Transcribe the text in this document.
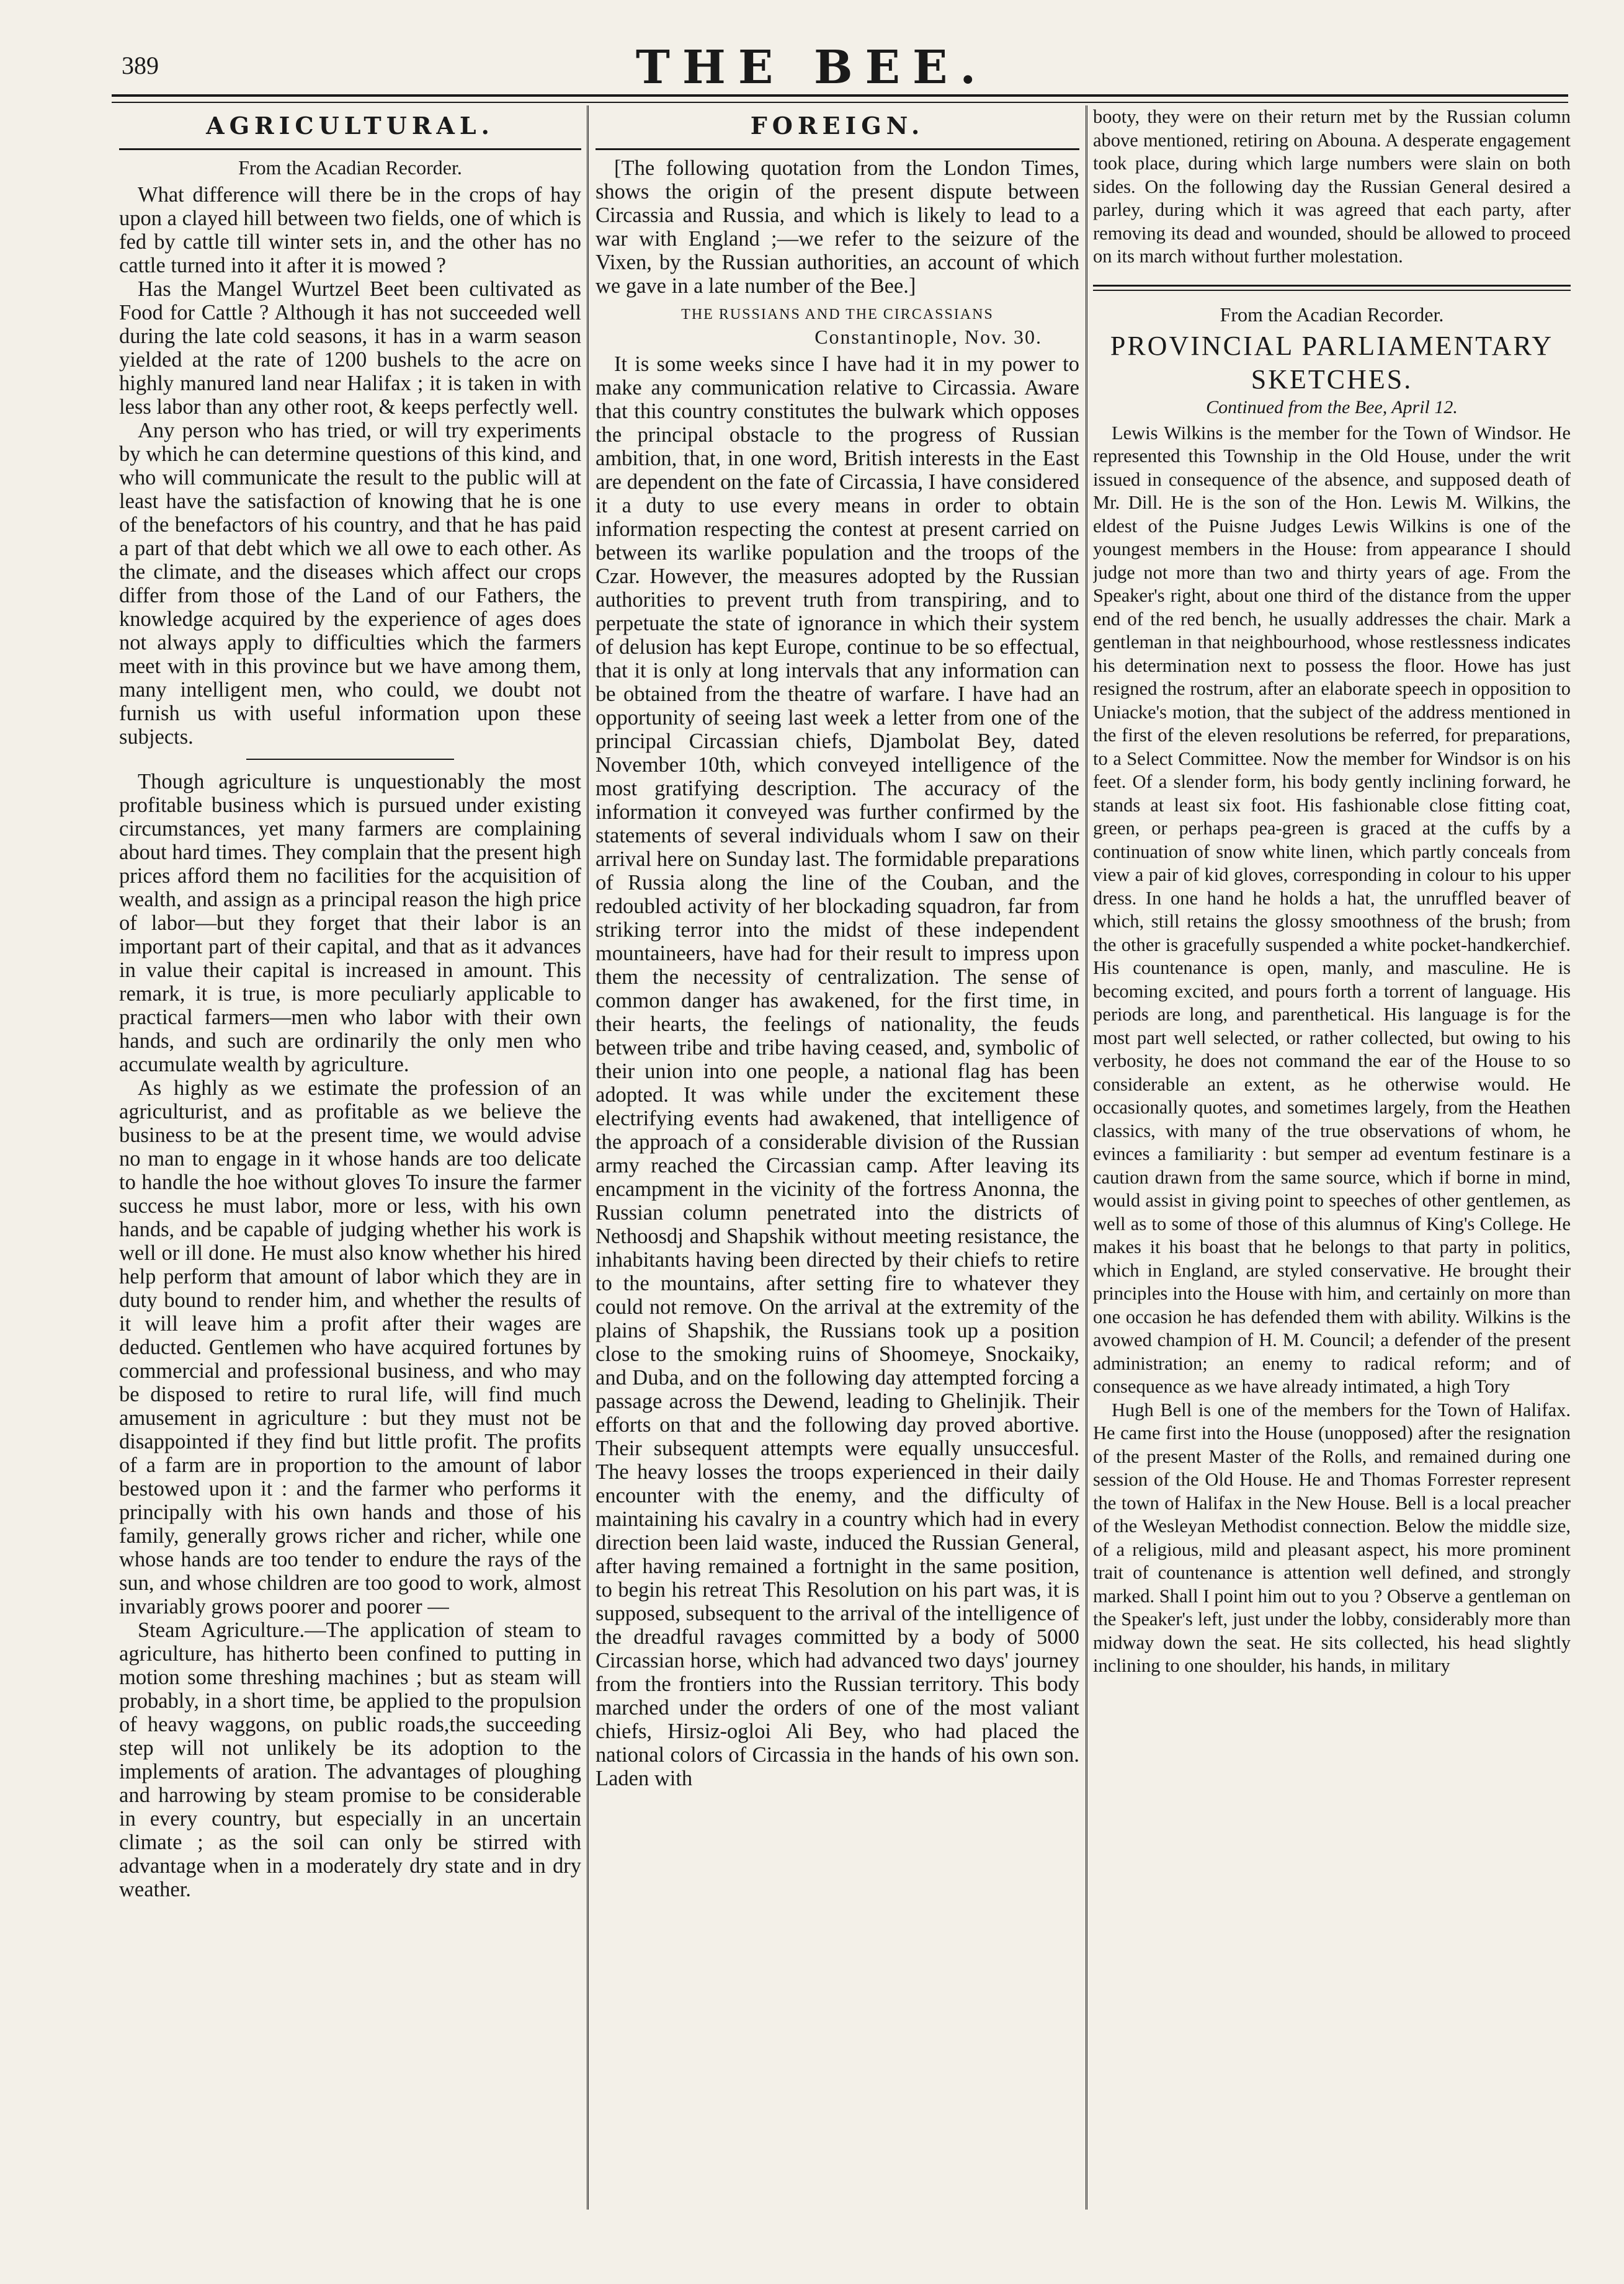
389	THE BEE.
AGRICULTURAL.
From the Acadian Recorder.

What difference will there be in the crops of hay upon a clayed hill between two fields, one of which is fed by cattle till winter sets in, and the other has no cattle turned into it after it is mowed ?

Has the Mangel Wurtzel Beet been cultivated as Food for Cattle ? Although it has not succeeded well during the late cold seasons, it has in a warm season yielded at the rate of 1200 bushels to the acre on highly manured land near Halifax ; it is taken in with less labor than any other root, & keeps perfectly well.

Any person who has tried, or will try experiments by which he can determine questions of this kind, and who will communicate the result to the public will at least have the satisfaction of knowing that he is one of the benefactors of his country, and that he has paid a part of that debt which we all owe to each other. As the climate, and the diseases which affect our crops differ from those of the Land of our Fathers, the knowledge acquired by the experience of ages does not always apply to difficulties which the farmers meet with in this province but we have among them, many intelligent men, who could, we doubt not furnish us with useful information upon these subjects.

Though agriculture is unquestionably the most profitable business which is pursued under existing circumstances, yet many farmers are complaining about hard times. They complain that the present high prices afford them no facilities for the acquisition of wealth, and assign as a principal reason the high price of labor—but they forget that their labor is an important part of their capital, and that as it advances in value their capital is increased in amount. This remark, it is true, is more peculiarly applicable to practical farmers—men who labor with their own hands, and such are ordinarily the only men who accumulate wealth by agriculture.

As highly as we estimate the profession of an agriculturist, and as profitable as we believe the business to be at the present time, we would advise no man to engage in it whose hands are too delicate to handle the hoe without gloves To insure the farmer success he must labor, more or less, with his own hands, and be capable of judging whether his work is well or ill done. He must also know whether his hired help perform that amount of labor which they are in duty bound to render him, and whether the results of it will leave him a profit after their wages are deducted. Gentlemen who have acquired fortunes by commercial and professional business, and who may be disposed to retire to rural life, will find much amusement in agriculture : but they must not be disappointed if they find but little profit. The profits of a farm are in proportion to the amount of labor bestowed upon it : and the farmer who performs it principally with his own hands and those of his family, generally grows richer and richer, while one whose hands are too tender to endure the rays of the sun, and whose children are too good to work, almost invariably grows poorer and poorer —

Steam Agriculture.—The application of steam to agriculture, has hitherto been confined to putting in motion some threshing machines ; but as steam will probably, in a short time, be applied to the propulsion of heavy waggons, on public roads,the succeeding step will not unlikely be its adoption to the implements of aration. The advantages of ploughing and harrowing by steam promise to be considerable in every country, but especially in an uncertain climate ; as the soil can only be stirred with advantage when in a moderately dry state and in dry weather.

FOREIGN.

[The following quotation from the London Times, shows the origin of the present dispute between Circassia and Russia, and which is likely to lead to a war with England ;—we refer to the seizure of the Vixen, by the Russian authorities, an account of which we gave in a late number of the Bee.]

THE RUSSIANS AND THE CIRCASSIANS
Constantinople, Nov. 30.

It is some weeks since I have had it in my power to make any communication relative to Circassia. Aware that this country constitutes the bulwark which opposes the principal obstacle to the progress of Russian ambition, that, in one word, British interests in the East are dependent on the fate of Circassia, I have considered it a duty to use every means in order to obtain information respecting the contest at present carried on between its warlike population and the troops of the Czar. However, the measures adopted by the Russian authorities to prevent truth from transpiring, and to perpetuate the state of ignorance in which their system of delusion has kept Europe, continue to be so effectual, that it is only at long intervals that any information can be obtained from the theatre of warfare. I have had an opportunity of seeing last week a letter from one of the principal Circassian chiefs, Djambolat Bey, dated November 10th, which conveyed intelligence of the most gratifying description. The accuracy of the information it conveyed was further confirmed by the statements of several individuals whom I saw on their arrival here on Sunday last. The formidable preparations of Russia along the line of the Couban, and the redoubled activity of her blockading squadron, far from striking terror into the midst of these independent mountaineers, have had for their result to impress upon them the necessity of centralization. The sense of common danger has awakened, for the first time, in their hearts, the feelings of nationality, the feuds between tribe and tribe having ceased, and, symbolic of their union into one people, a national flag has been adopted. It was while under the excitement these electrifying events had awakened, that intelligence of the approach of a considerable division of the Russian army reached the Circassian camp. After leaving its encampment in the vicinity of the fortress Anonna, the Russian column penetrated into the districts of Nethoosdj and Shapshik without meeting resistance, the inhabitants having been directed by their chiefs to retire to the mountains, after setting fire to whatever they could not remove. On the arrival at the extremity of the plains of Shapshik, the Russians took up a position close to the smoking ruins of Shoomeye, Snockaiky, and Duba, and on the following day attempted forcing a passage across the Dewend, leading to Ghelinjik. Their efforts on that and the following day proved abortive. Their subsequent attempts were equally unsuccesful. The heavy losses the troops experienced in their daily encounter with the enemy, and the difficulty of maintaining his cavalry in a country which had in every direction been laid waste, induced the Russian General, after having remained a fortnight in the same position, to begin his retreat This Resolution on his part was, it is supposed, subsequent to the arrival of the intelligence of the dreadful ravages committed by a body of 5000 Circassian horse, which had advanced two days' journey from the frontiers into the Russian territory. This body marched under the orders of one of the most valiant chiefs, Hirsiz-ogloi Ali Bey, who had placed the national colors of Circassia in the hands of his own son. Laden with

booty, they were on their return met by the Russian column above mentioned, retiring on Abouna. A desperate engagement took place, during which large numbers were slain on both sides. On the following day the Russian General desired a parley, during which it was agreed that each party, after removing its dead and wounded, should be allowed to proceed on its march without further molestation.

From the Acadian Recorder.
PROVINCIAL PARLIAMENTARY
SKETCHES.
Continued from the Bee, April 12.

Lewis Wilkins is the member for the Town of Windsor. He represented this Township in the Old House, under the writ issued in consequence of the absence, and supposed death of Mr. Dill. He is the son of the Hon. Lewis M. Wilkins, the eldest of the Puisne Judges Lewis Wilkins is one of the youngest members in the House: from appearance I should judge not more than two and thirty years of age. From the Speaker's right, about one third of the distance from the upper end of the red bench, he usually addresses the chair. Mark a gentleman in that neighbourhood, whose restlessness indicates his determination next to possess the floor. Howe has just resigned the rostrum, after an elaborate speech in opposition to Uniacke's motion, that the subject of the address mentioned in the first of the eleven resolutions be referred, for preparations, to a Select Committee. Now the member for Windsor is on his feet. Of a slender form, his body gently inclining forward, he stands at least six foot. His fashionable close fitting coat, green, or perhaps pea-green is graced at the cuffs by a continuation of snow white linen, which partly conceals from view a pair of kid gloves, corresponding in colour to his upper dress. In one hand he holds a hat, the unruffled beaver of which, still retains the glossy smoothness of the brush; from the other is gracefully suspended a white pocket-handkerchief. His countenance is open, manly, and masculine. He is becoming excited, and pours forth a torrent of language. His periods are long, and parenthetical. His language is for the most part well selected, or rather collected, but owing to his verbosity, he does not command the ear of the House to so considerable an extent, as he otherwise would. He occasionally quotes, and sometimes largely, from the Heathen classics, with many of the true observations of whom, he evinces a familiarity : but semper ad eventum festinare is a caution drawn from the same source, which if borne in mind, would assist in giving point to speeches of other gentlemen, as well as to some of those of this alumnus of King's College. He makes it his boast that he belongs to that party in politics, which in England, are styled conservative. He brought their principles into the House with him, and certainly on more than one occasion he has defended them with ability. Wilkins is the avowed champion of H. M. Council; a defender of the present administration; an enemy to radical reform; and of consequence as we have already intimated, a high Tory

Hugh Bell is one of the members for the Town of Halifax. He came first into the House (unopposed) after the resignation of the present Master of the Rolls, and remained during one session of the Old House. He and Thomas Forrester represent the town of Halifax in the New House. Bell is a local preacher of the Wesleyan Methodist connection. Below the middle size, of a religious, mild and pleasant aspect, his more prominent trait of countenance is attention well defined, and strongly marked. Shall I point him out to you ? Observe a gentleman on the Speaker's left, just under the lobby, considerably more than midway down the seat. He sits collected, his head slightly inclining to one shoulder, his hands, in military
